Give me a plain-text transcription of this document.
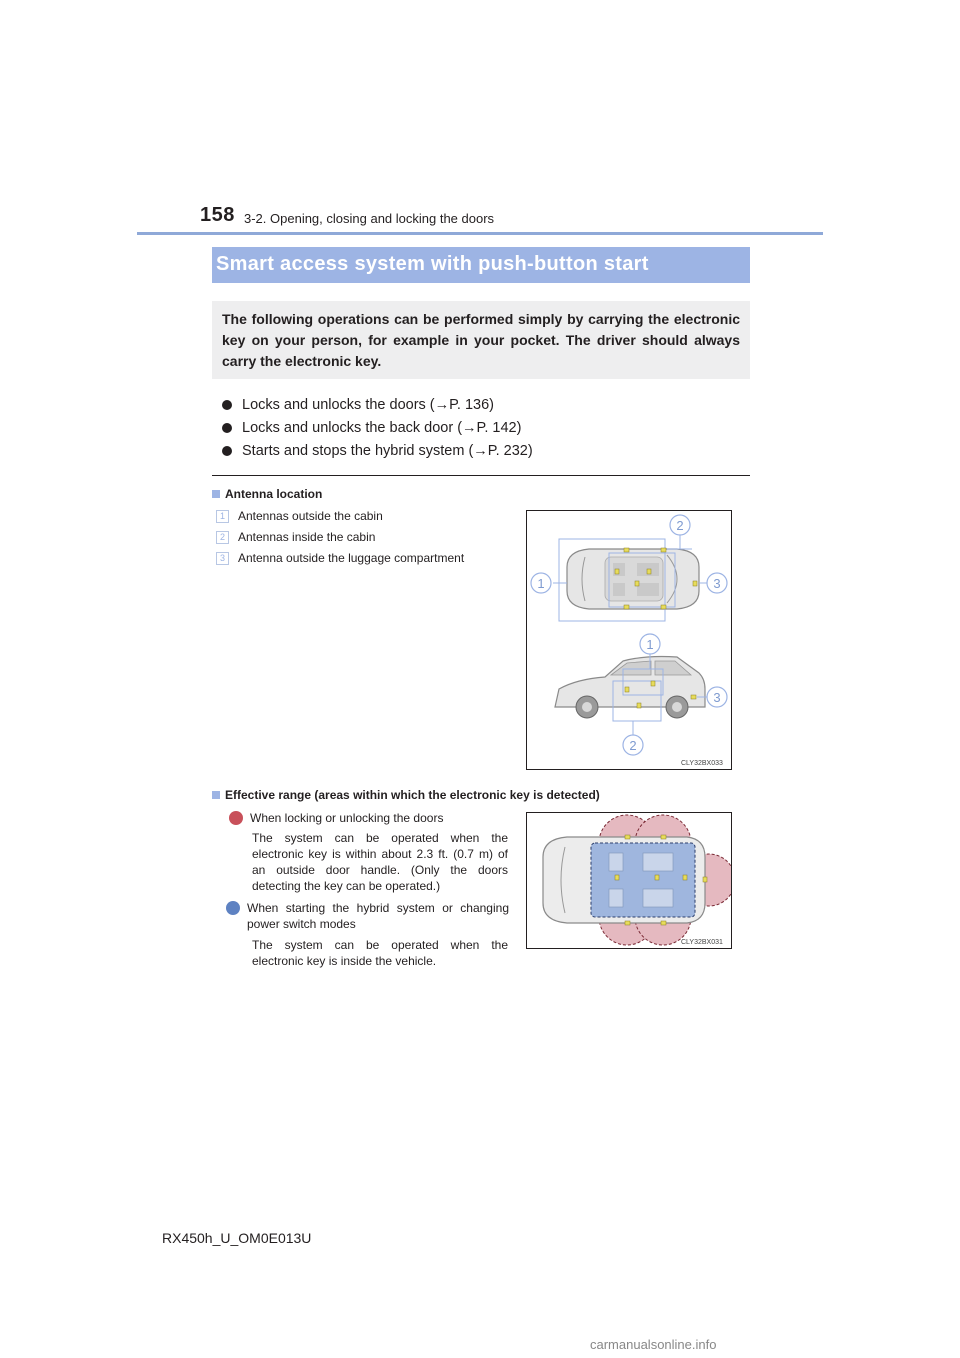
158 3-2. Opening, closing and locking the doors
Smart access system with push-button start
The following operations can be performed simply by carrying the electronic key on your person, for example in your pocket. The driver should always carry the electronic key.
Locks and unlocks the doors (→P. 136)
Locks and unlocks the back door (→P. 142)
Starts and stops the hybrid system (→P. 232)
Antenna location
1	Antennas outside the cabin
2	Antennas inside the cabin
3	Antenna outside the luggage compartment
1
2
3
1
3
2
CLY32BX033
Effective range (areas within which the electronic key is detected)
When locking or unlocking the doors
The system can be operated when the electronic key is within about 2.3 ft. (0.7 m) of an outside door handle. (Only the doors detecting the key can be operated.)
When starting the hybrid system or changing power switch modes
The system can be operated when the electronic key is inside the vehicle.
CLY32BX031
RX450h_U_OM0E013U
carmanualsonline.info
